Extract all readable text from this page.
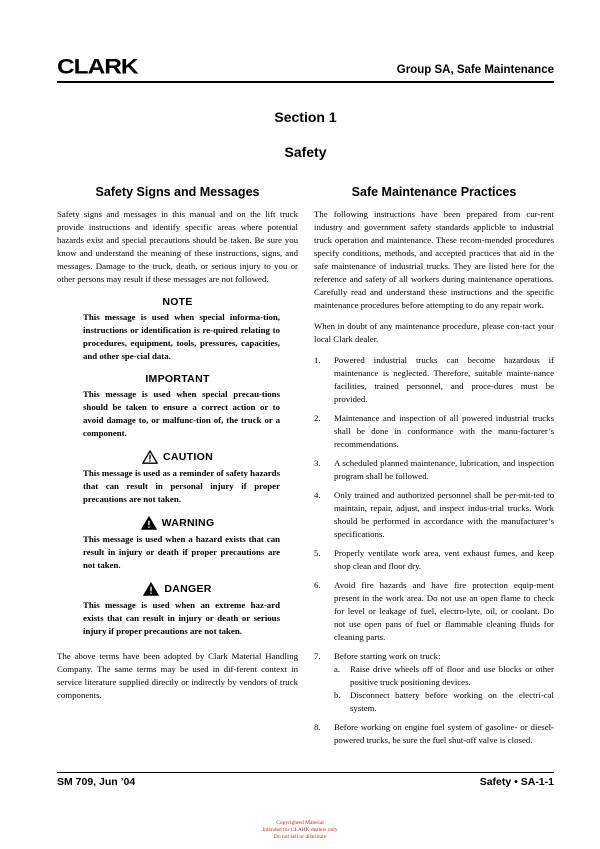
CLARK	Group SA, Safe Maintenance
Section 1
Safety
Safety Signs and Messages

Safety signs and messages in this manual and on the lift truck provide instructions and identify specific areas where potential hazards exist and special precautions should be taken. Be sure you know and understand the meaning of these instructions, signs, and messages. Damage to the truck, death, or serious injury to you or other persons may result if these messages are not followed.

NOTE

This message is used when special informa-tion, instructions or identification is re-quired relating to procedures, equipment, tools, pressures, capacities, and other spe-cial data.

IMPORTANT

This message is used when special precau-tions should be taken to ensure a correct action or to avoid damage to, or malfunc-tion of, the truck or a component.

CAUTION

This message is used as a reminder of safety hazards that can result in personal injury if proper precautions are not taken.

WARNING

This message is used when a hazard exists that can result in injury or death if proper precautions are not taken.

DANGER

This message is used when an extreme haz-ard exists that can result in injury or death or serious injury if proper precautions are not taken.

The above terms have been adopted by Clark Material Handling Company. The same terms may be used in dif-ferent context in service literature supplied directly or indirectly by vendors of truck components.

Safe Maintenance Practices

The following instructions have been prepared from cur-rent industry and government safety standards applicble to industrial truck operation and maintenance. These recom-mended procedures specify conditions, methods, and accepted practices that aid in the safe maintenance of industrial trucks. They are listed here for the reference and safety of all workers during maintenance operations. Carefully read and understand these instructions and the specific maintenance procedures before attempting to do any repair work.

When in doubt of any maintenance procedure, please con-tact your local Clark dealer.

1.	Powered industrial trucks can become hazardous if maintenance is neglected. Therefore, suitable mainte-nance facilities, trained personnel, and proce-dures must be provided.
2.	Maintenance and inspection of all powered industrial trucks shall be done in conformance with the manu-facturer’s recommendations.
3.	A scheduled planned maintenance, lubrication, and inspection program shall be followed.
4.	Only trained and authorized personnel shall be per-mit-ted to maintain, repair, adjust, and inspect indus-trial trucks. Work should be performed in accordance with the manufacturer’s specifications.
5.	Properly ventilate work area, vent exhaust fumes, and keep shop clean and floor dry.
6.	Avoid fire hazards and have fire protection equip-ment present in the work area. Do not use an open flame to check for level or leakage of fuel, electro-lyte, oil, or coolant. Do not use open pans of fuel or flammable cleaning fluids for cleaning parts.
7.	Before starting work on truck:
a.	Raise drive wheels off of floor and use blocks or other positive truck positioning devices.
b.	Disconnect battery before working on the electri-cal system.
8.	Before working on engine fuel system of gasoline- or diesel-powered trucks, be sure the fuel shut-off valve is closed.
SM 709, Jun ’04	Safety • SA-1-1
Copyrighted Material
Intended for CLARK dealers only
Do not sell or distribute
